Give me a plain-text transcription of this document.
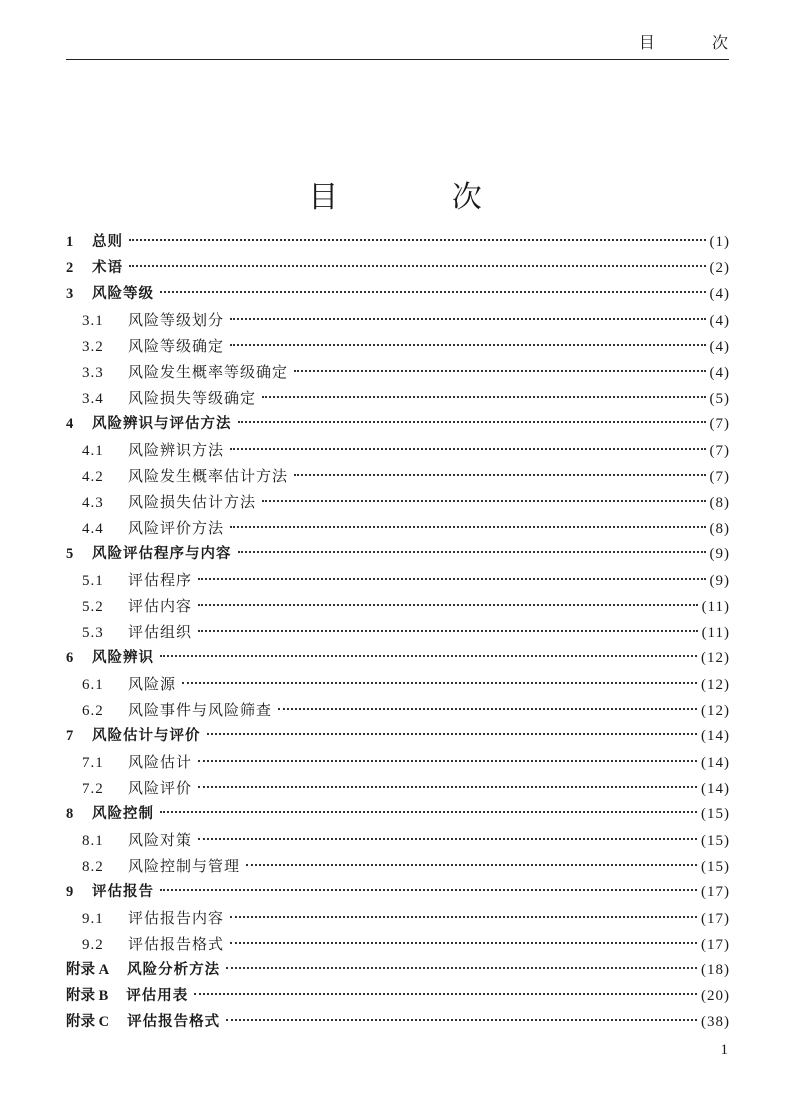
目 次
目 次
1	总则	(1)
2	术语	(2)
3	风险等级	(4)
3.1	风险等级划分	(4)
3.2	风险等级确定	(4)
3.3	风险发生概率等级确定	(4)
3.4	风险损失等级确定	(5)
4	风险辨识与评估方法	(7)
4.1	风险辨识方法	(7)
4.2	风险发生概率估计方法	(7)
4.3	风险损失估计方法	(8)
4.4	风险评价方法	(8)
5	风险评估程序与内容	(9)
5.1	评估程序	(9)
5.2	评估内容	(11)
5.3	评估组织	(11)
6	风险辨识	(12)
6.1	风险源	(12)
6.2	风险事件与风险筛查	(12)
7	风险估计与评价	(14)
7.1	风险估计	(14)
7.2	风险评价	(14)
8	风险控制	(15)
8.1	风险对策	(15)
8.2	风险控制与管理	(15)
9	评估报告	(17)
9.1	评估报告内容	(17)
9.2	评估报告格式	(17)
附录 A 风险分析方法	(18)
附录 B 评估用表	(20)
附录 C 评估报告格式	(38)
1
